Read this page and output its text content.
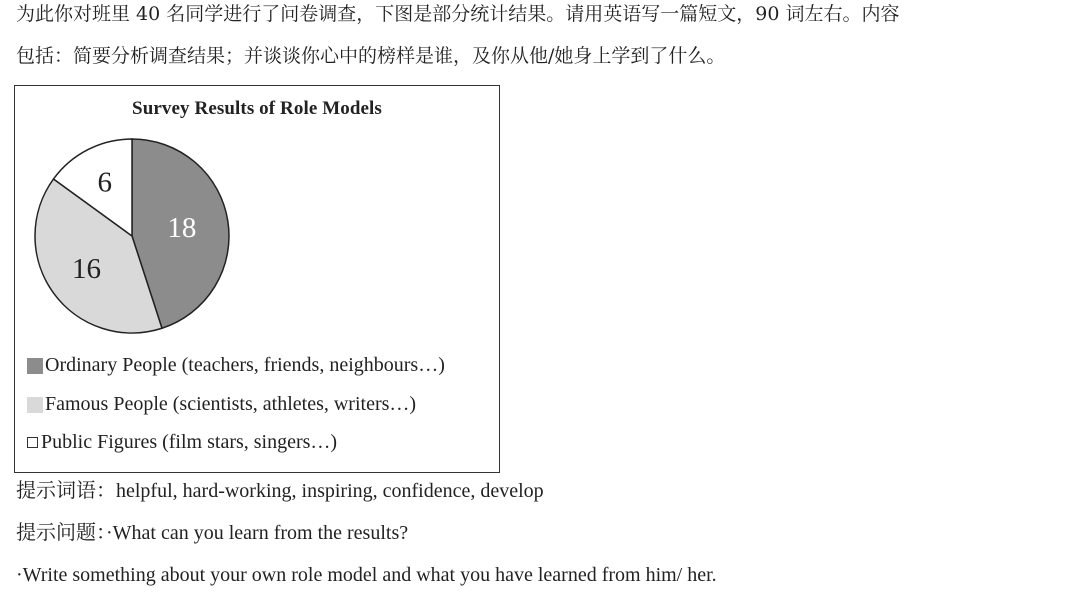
为此你对班里 40 名同学进行了问卷调查，下图是部分统计结果。请用英语写一篇短文，90 词左右。内容
包括：简要分析调查结果；并谈谈你心中的榜样是谁，及你从他/她身上学到了什么。
Survey Results of Role Models
18
16
6
Ordinary People (teachers, friends, neighbours…)
Famous People (scientists, athletes, writers…)
Public Figures (film stars, singers…)
提示词语：helpful, hard-working, inspiring, confidence, develop
提示问题：·What can you learn from the results?
·Write something about your own role model and what you have learned from him/ her.
